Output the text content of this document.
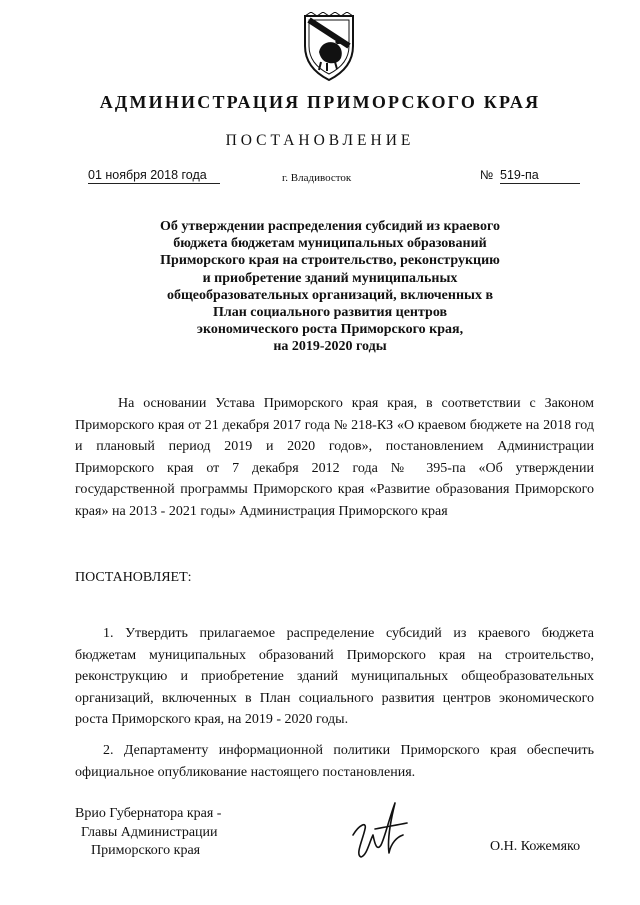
АДМИНИСТРАЦИЯ ПРИМОРСКОГО КРАЯ
ПОСТАНОВЛЕНИЕ
01 ноября 2018 года	г. Владивосток	№ 519-па
Об утверждении распределения субсидий из краевого
бюджета бюджетам муниципальных образований
Приморского края на строительство, реконструкцию
и приобретение зданий муниципальных
общеобразовательных организаций, включенных в
План социального развития центров
экономического роста Приморского края,
на 2019-2020 годы
На основании Устава Приморского края края, в соответствии с Законом Приморского края от 21 декабря 2017 года № 218-КЗ «О краевом бюджете на 2018 год и плановый период 2019 и 2020 годов», постановлением Администрации Приморского края от 7 декабря 2012 года № 395-па «Об утверждении государственной программы Приморского края «Развитие образования Приморского края» на 2013 - 2021 годы» Администрация Приморского края
ПОСТАНОВЛЯЕТ:
1. Утвердить прилагаемое распределение субсидий из краевого бюджета бюджетам муниципальных образований Приморского края на строительство, реконструкцию и приобретение зданий муниципальных общеобразовательных организаций, включенных в План социального развития центров экономического роста Приморского края, на 2019 - 2020 годы.
2. Департаменту информационной политики Приморского края обеспечить официальное опубликование настоящего постановления.
Врио Губернатора края -
Главы Администрации
Приморского края	О.Н. Кожемяко
